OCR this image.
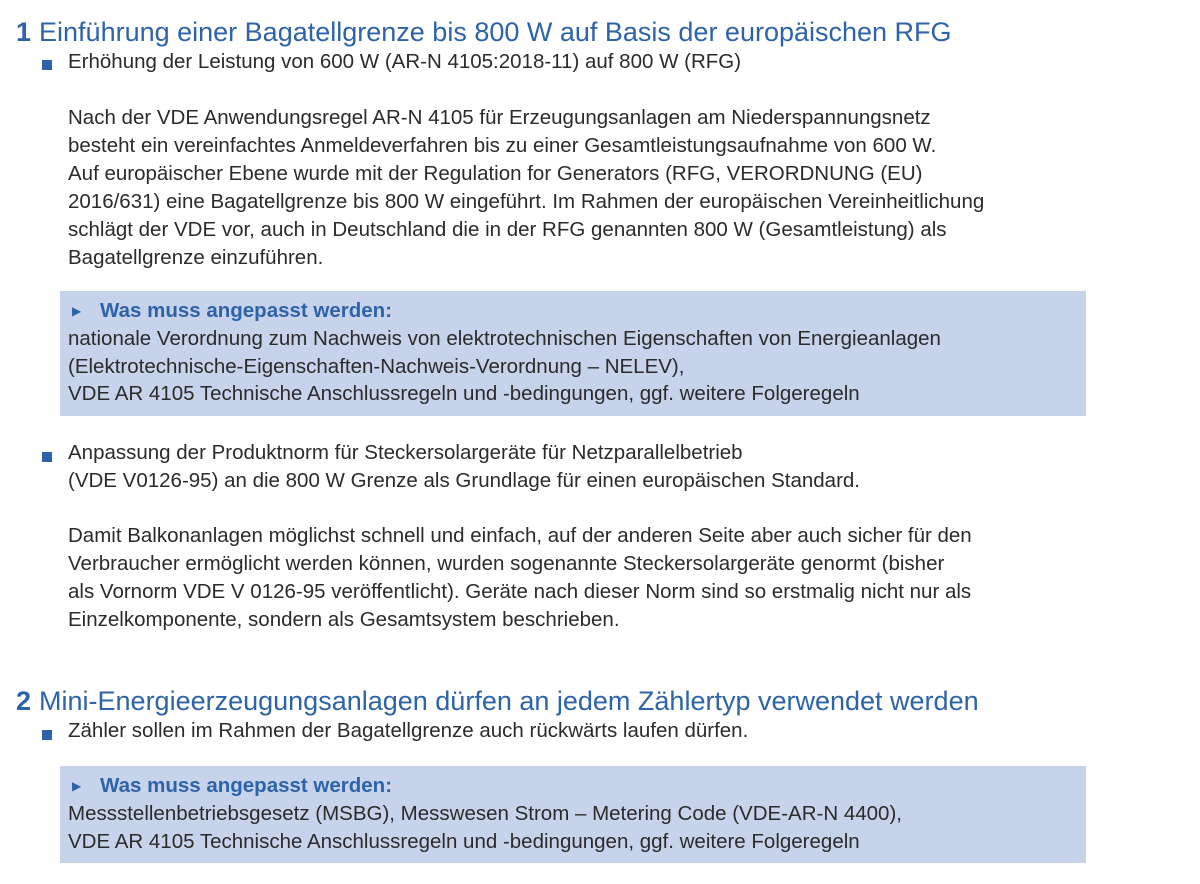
1 Einführung einer Bagatellgrenze bis 800 W auf Basis der europäischen RFG
Erhöhung der Leistung von 600 W (AR-N 4105:2018-11) auf 800 W (RFG)
Nach der VDE Anwendungsregel AR-N 4105 für Erzeugungsanlagen am Niederspannungsnetz
besteht ein vereinfachtes Anmeldeverfahren bis zu einer Gesamtleistungsaufnahme von 600 W.
Auf europäischer Ebene wurde mit der Regulation for Generators (RFG, VERORDNUNG (EU)
2016/631) eine Bagatellgrenze bis 800 W eingeführt. Im Rahmen der europäischen Vereinheitlichung
schlägt der VDE vor, auch in Deutschland die in der RFG genannten 800 W (Gesamtleistung) als
Bagatellgrenze einzuführen.
▶ Was muss angepasst werden:
nationale Verordnung zum Nachweis von elektrotechnischen Eigenschaften von Energieanlagen
(Elektrotechnische-Eigenschaften-Nachweis-Verordnung – NELEV),
VDE AR 4105 Technische Anschlussregeln und -bedingungen, ggf. weitere Folgeregeln
Anpassung der Produktnorm für Steckersolargeräte für Netzparallelbetrieb
(VDE V0126-95) an die 800 W Grenze als Grundlage für einen europäischen Standard.
Damit Balkonanlagen möglichst schnell und einfach, auf der anderen Seite aber auch sicher für den
Verbraucher ermöglicht werden können, wurden sogenannte Steckersolargeräte genormt (bisher
als Vornorm VDE V 0126-95 veröffentlicht). Geräte nach dieser Norm sind so erstmalig nicht nur als
Einzelkomponente, sondern als Gesamtsystem beschrieben.
2 Mini-Energieerzeugungsanlagen dürfen an jedem Zählertyp verwendet werden
Zähler sollen im Rahmen der Bagatellgrenze auch rückwärts laufen dürfen.
▶ Was muss angepasst werden:
Messstellenbetriebsgesetz (MSBG), Messwesen Strom – Metering Code (VDE-AR-N 4400),
VDE AR 4105 Technische Anschlussregeln und -bedingungen, ggf. weitere Folgeregeln
